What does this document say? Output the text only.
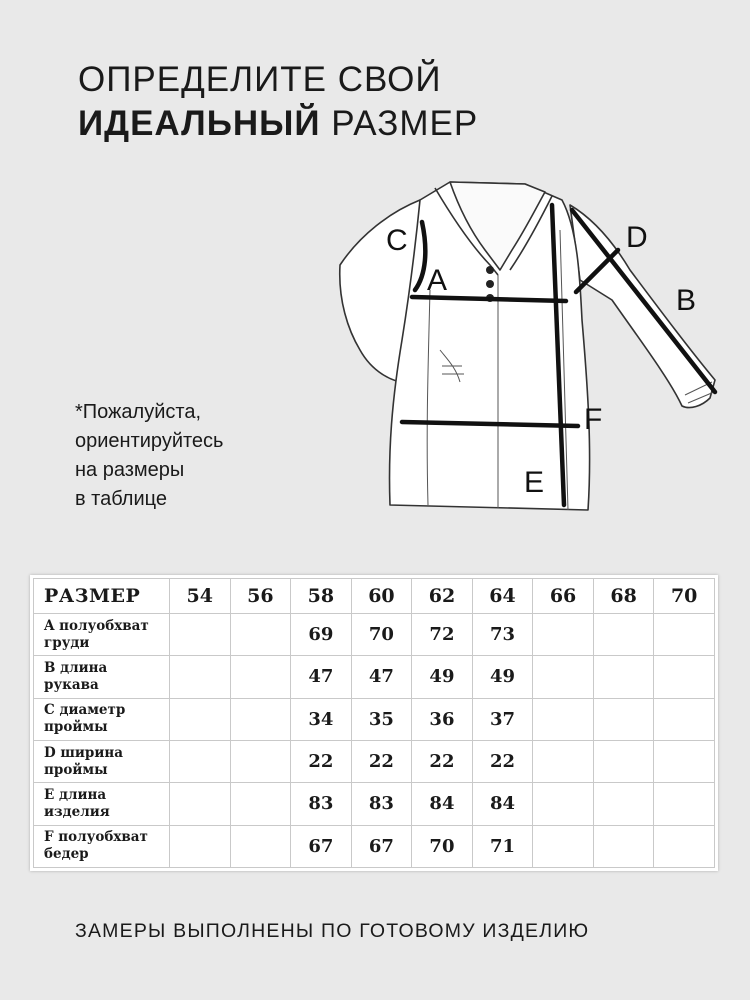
ОПРЕДЕЛИТЕ СВОЙ
ИДЕАЛЬНЫЙ РАЗМЕР
*Пожалуйста,
ориентируйтесь
на размеры
в таблице
C
A
D
B
F
E
РАЗМЕР	54	56	58	60	62	64	66	68	70

A полуобхват
груди			69	70	72	73			

B длина
рукава			47	47	49	49			

C диаметр
проймы			34	35	36	37			

D ширина
проймы			22	22	22	22			

E длина
изделия			83	83	84	84			

F полуобхват
бедер			67	67	70	71			
ЗАМЕРЫ ВЫПОЛНЕНЫ ПО ГОТОВОМУ ИЗДЕЛИЮ
